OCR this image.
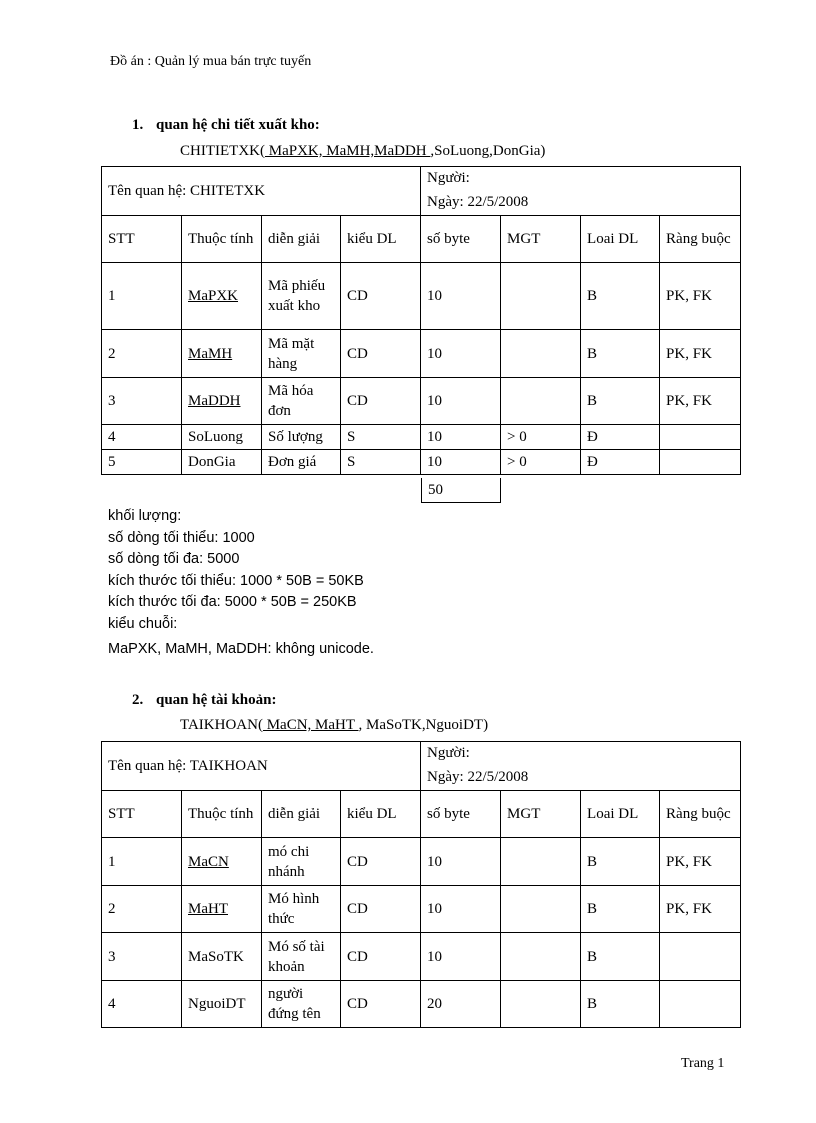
Đồ án : Quản lý mua bán trực tuyến
1. quan hệ chi tiết xuất kho:
CHITIETXK( MaPXK, MaMH,MaDDH ,SoLuong,DonGia)
Tên quan hệ: CHITETXK				Người:
Ngày: 22/5/2008			

STT	Thuộc tính	diễn giải	kiểu DL	số byte	MGT	Loai DL	Ràng buộc
1	MaPXK	Mã phiếu xuất kho	CD	10		B	PK, FK
2	MaMH	Mã mặt hàng	CD	10		B	PK, FK
3	MaDDH	Mã hóa đơn	CD	10		B	PK, FK
4	SoLuong	Số lượng	S	10	> 0	Đ	
5	DonGia	Đơn giá	S	10	> 0	Đ	
50
khối lượng:
số dòng tối thiểu: 1000
số dòng tối đa: 5000
kích thước tối thiểu: 1000 * 50B = 50KB
kích thước tối đa: 5000 * 50B = 250KB
kiểu chuỗi:
MaPXK, MaMH, MaDDH: không unicode.
2. quan hệ tài khoản:
TAIKHOAN( MaCN, MaHT , MaSoTK,NguoiDT)
Tên quan hệ: TAIKHOAN				Người:
Ngày: 22/5/2008			

STT	Thuộc tính	diễn giải	kiểu DL	số byte	MGT	Loai DL	Ràng buộc
1	MaCN	mó chi nhánh	CD	10		B	PK, FK
2	MaHT	Mó hình thức	CD	10		B	PK, FK
3	MaSoTK	Mó số tài khoản	CD	10		B	
4	NguoiDT	người đứng tên	CD	20		B	
Trang 1
